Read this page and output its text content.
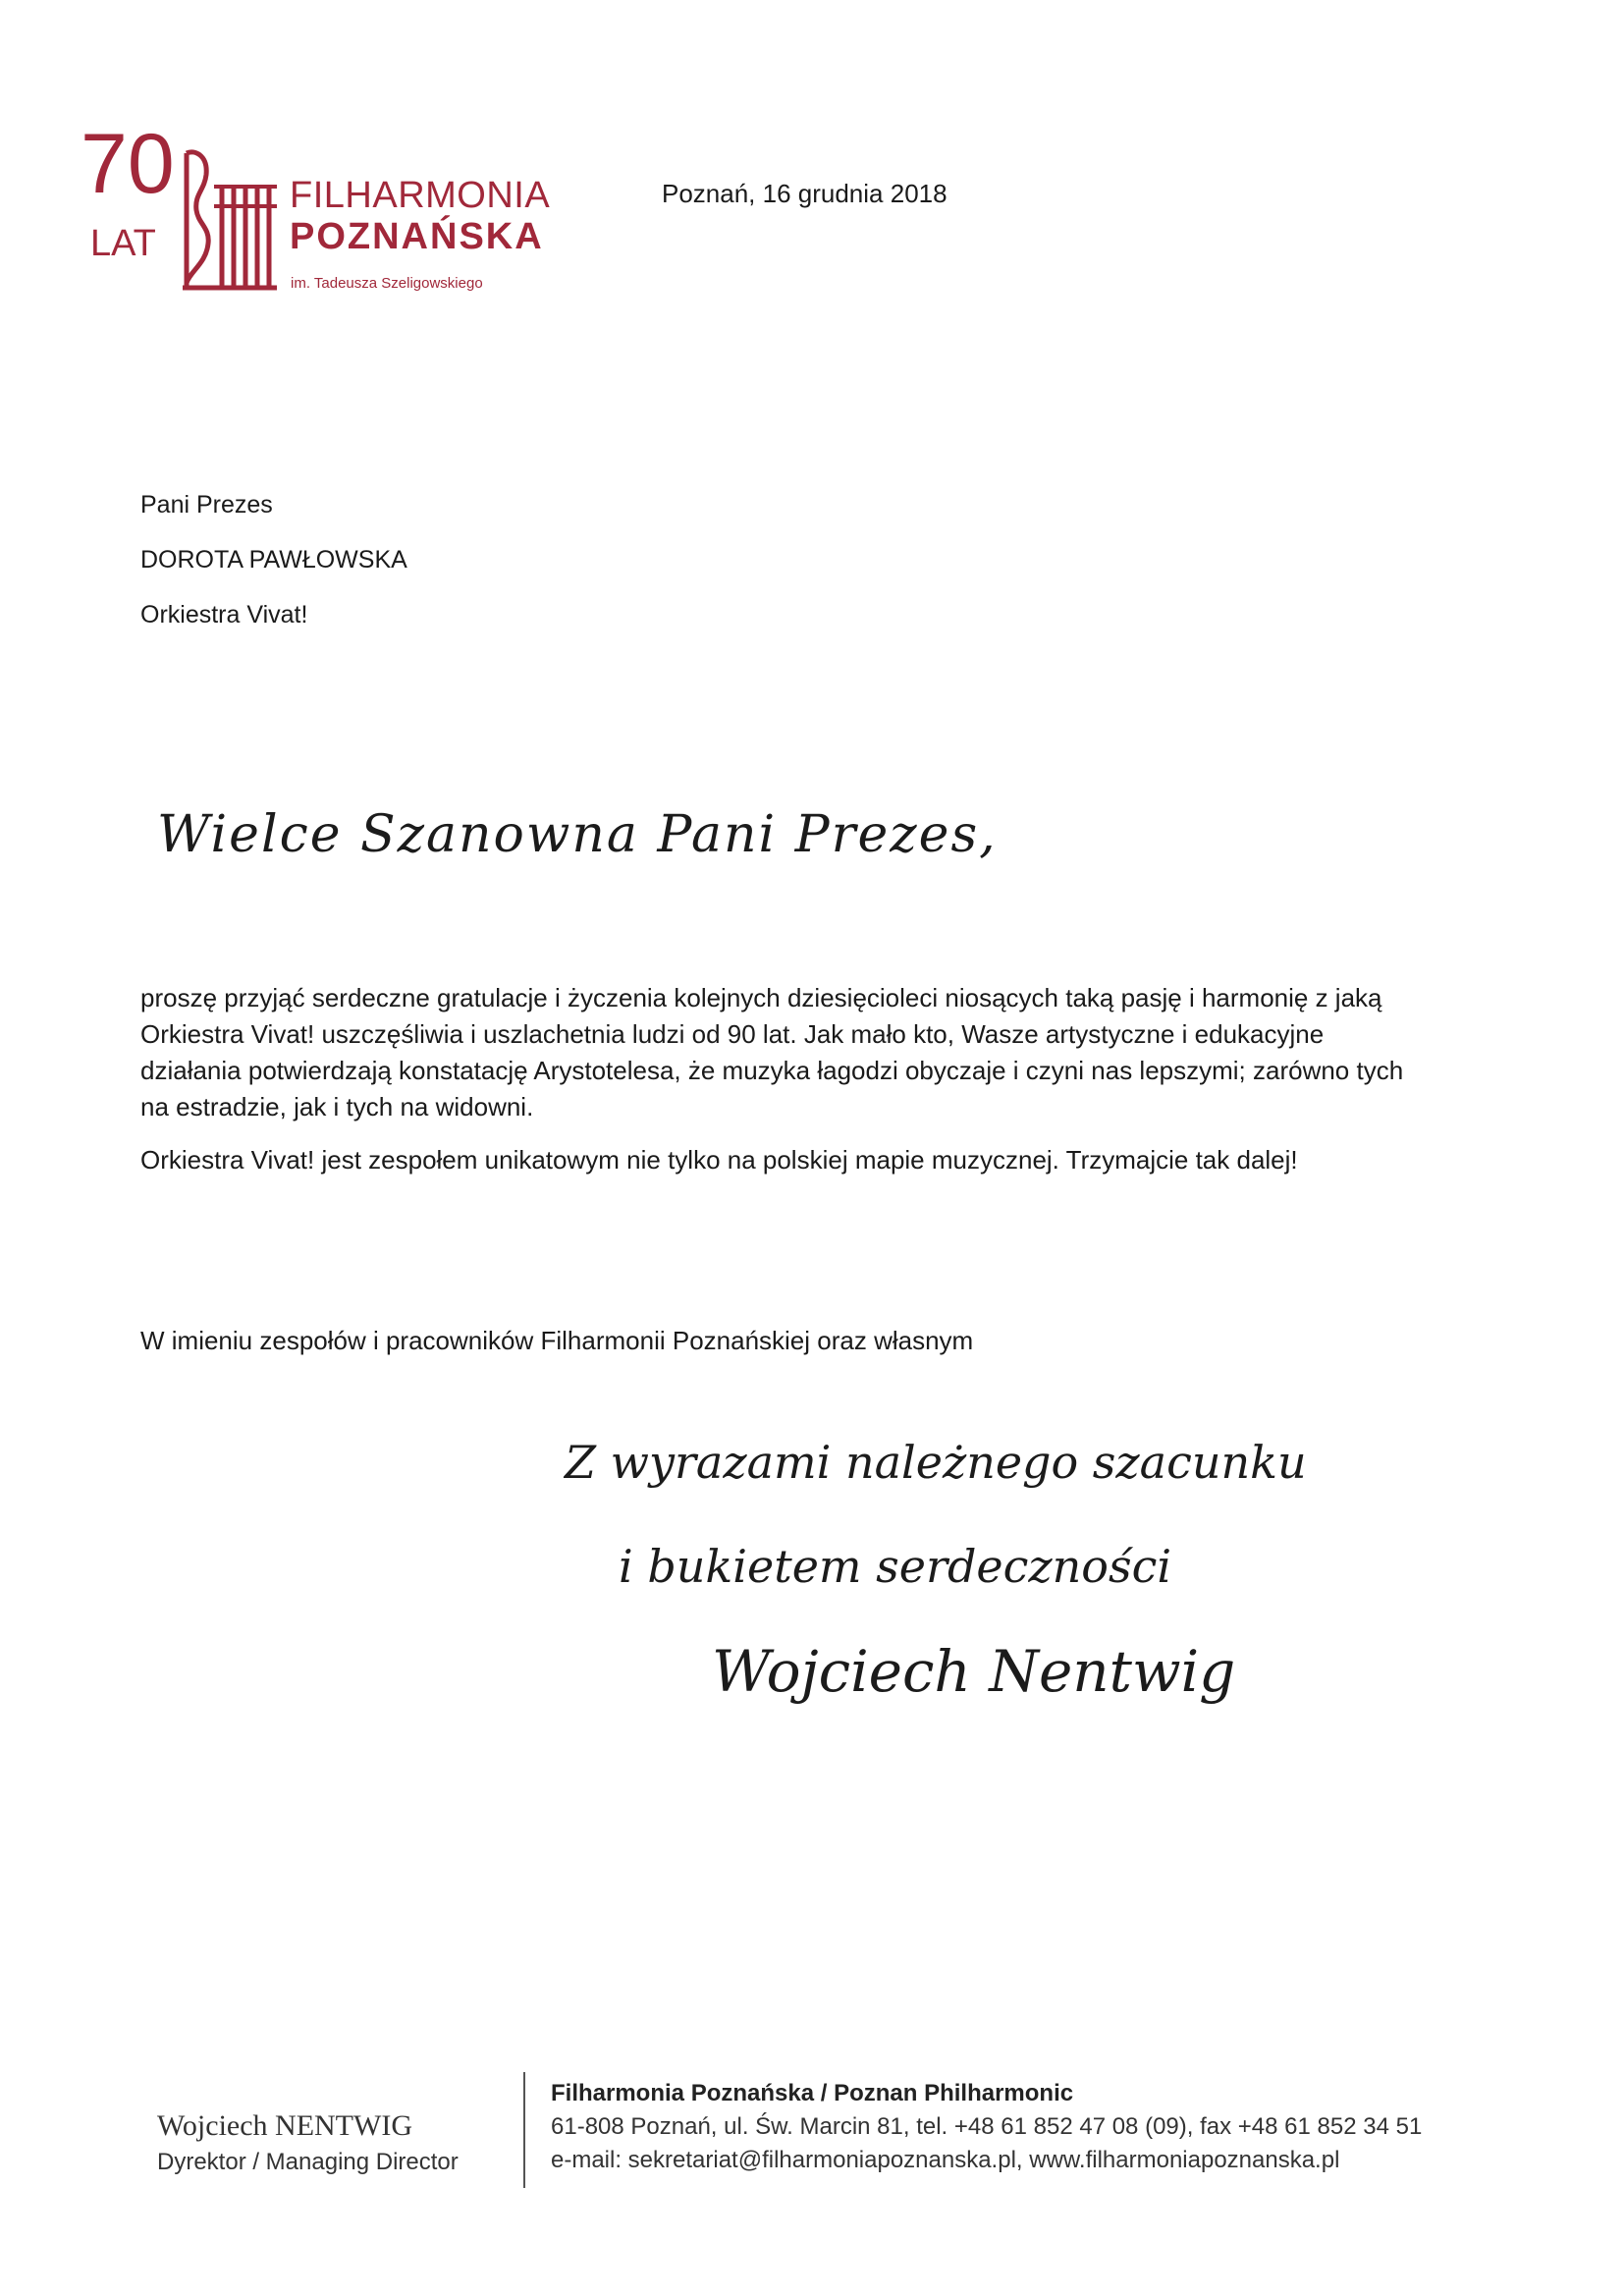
70
LAT
FILHARMONIA
POZNAŃSKA
im. Tadeusza Szeligowskiego
Poznań, 16 grudnia 2018
Pani Prezes
DOROTA PAWŁOWSKA
Orkiestra Vivat!
Wielce Szanowna Pani Prezes,

proszę przyjąć serdeczne gratulacje i życzenia kolejnych dziesięcioleci niosących taką pasję i harmonię z jaką Orkiestra Vivat! uszczęśliwia i uszlachetnia ludzi od 90 lat. Jak mało kto, Wasze artystyczne i edukacyjne działania potwierdzają konstatację Arystotelesa, że muzyka łagodzi obyczaje i czyni nas lepszymi; zarówno tych na estradzie, jak i tych na widowni.

Orkiestra Vivat! jest zespołem unikatowym nie tylko na polskiej mapie muzycznej. Trzymajcie tak dalej!

W imieniu zespołów i pracowników Filharmonii Poznańskiej oraz własnym
Z wyrazami należnego szacunku
i bukietem serdeczności
Wojciech Nentwig
Wojciech NENTWIG
Dyrektor / Managing Director
Filharmonia Poznańska / Poznan Philharmonic
61-808 Poznań, ul. Św. Marcin 81, tel. +48 61 852 47 08 (09), fax +48 61 852 34 51
e-mail: sekretariat@filharmoniapoznanska.pl, www.filharmoniapoznanska.pl
